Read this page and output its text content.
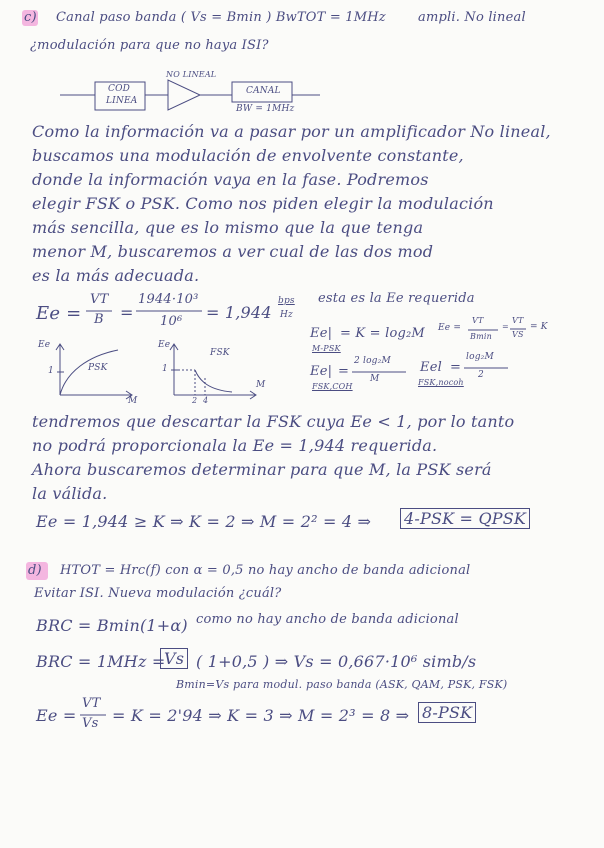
c) Canal paso banda ( Vs = Bmin ) BwTOT = 1MHz ampli. No lineal
¿modulación para que no haya ISI?
COD
LINEA
NO LINEAL
CANAL
BW = 1MHz
Como la información va a pasar por un amplificador No lineal,
buscamos una modulación de envolvente constante,
donde la información vaya en la fase. Podremos
elegir FSK o PSK. Como nos piden elegir la modulación
más sencilla, que es lo mismo que la que tenga
menor M, buscaremos a ver cual de las dos mod
es la más adecuada.
Ee =
VT
B =
1944·10³
10⁶ = 1,944
bps
Hz
esta es la Ee requerida
Ee
M
1	PSK
Ee
M
1
FSK
2 4
Ee|
M-PSK
= K = log₂M Ee =
VT
Bmin
=
VT
VS
= K
Ee|
FSK,COH
=
2 log₂M
M
Eel
FSK,nocoh
=
log₂M
2
tendremos que descartar la FSK cuya Ee < 1, por lo tanto
no podrá proporcionala la Ee = 1,944 requerida.
Ahora buscaremos determinar para que M, la PSK será
la válida.
Ee = 1,944 ≥ K ⇒ K = 2 ⇒ M = 2² = 4 ⇒ 4-PSK = QPSK
d) HTOT = Hrc(f) con α = 0,5 no hay ancho de banda adicional
Evitar ISI. Nueva modulación ¿cuál?
BRC = Bmin(1+α) como no hay ancho de banda adicional
BRC = 1MHz =
Vs ( 1+0,5 ) ⇒ Vs = 0,667·10⁶ simb/s
Bmin=Vs para modul. paso banda (ASK, QAM, PSK, FSK)
Ee =
VT
Vs = K = 2'94 ⇒ K = 3 ⇒ M = 2³ = 8 ⇒ 8-PSK
